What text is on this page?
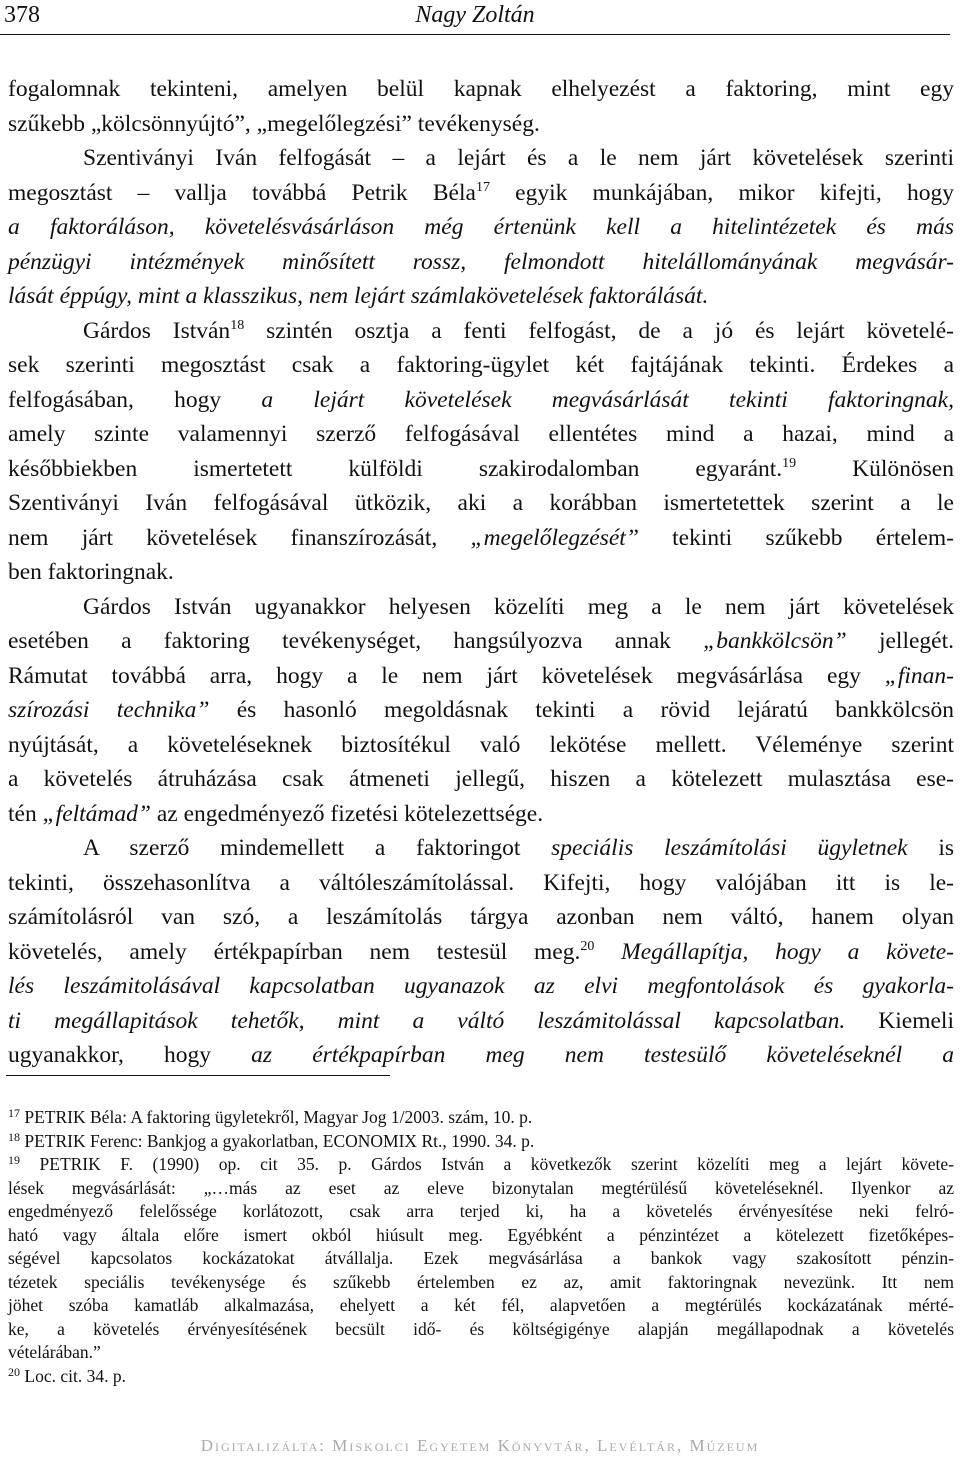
378	Nagy Zoltán
fogalomnak tekinteni, amelyen belül kapnak elhelyezést a faktoring, mint egy
szűkebb „kölcsönnyújtó”, „megelőlegzési” tevékenység.
Szentiványi Iván felfogását – a lejárt és a le nem járt követelések szerinti
megosztást – vallja továbbá Petrik Béla$^{17}$ egyik munkájában, mikor kifejti, hogy
a faktoráláson, követelésvásárláson még értenünk kell a hitelintézetek és más
pénzügyi intézmények minősített rossz, felmondott hitelállományának megvásár-
lását éppúgy, mint a klasszikus, nem lejárt számlakövetelések faktorálását.
Gárdos István$^{18}$ szintén osztja a fenti felfogást, de a jó és lejárt követelé-
sek szerinti megosztást csak a faktoring-ügylet két fajtájának tekinti. Érdekes a
felfogásában, hogy a lejárt követelések megvásárlását tekinti faktoringnak,
amely szinte valamennyi szerző felfogásával ellentétes mind a hazai, mind a
későbbiekben ismertetett külföldi szakirodalomban egyaránt.$^{19}$ Különösen
Szentiványi Iván felfogásával ütközik, aki a korábban ismertetettek szerint a le
nem járt követelések finanszírozását, „megelőlegzését” tekinti szűkebb értelem-
ben faktoringnak.
Gárdos István ugyanakkor helyesen közelíti meg a le nem járt követelések
esetében a faktoring tevékenységet, hangsúlyozva annak „bankkölcsön” jellegét.
Rámutat továbbá arra, hogy a le nem járt követelések megvásárlása egy „finan-
szírozási technika” és hasonló megoldásnak tekinti a rövid lejáratú bankkölcsön
nyújtását, a követeléseknek biztosítékul való lekötése mellett. Véleménye szerint
a követelés átruházása csak átmeneti jellegű, hiszen a kötelezett mulasztása ese-
tén „feltámad” az engedményező fizetési kötelezettsége.
A szerző mindemellett a faktoringot speciális leszámítolási ügyletnek is
tekinti, összehasonlítva a váltóleszámítolással. Kifejti, hogy valójában itt is le-
számítolásról van szó, a leszámítolás tárgya azonban nem váltó, hanem olyan
követelés, amely értékpapírban nem testesül meg.$^{20}$ Megállapítja, hogy a követe-
lés leszámitolásával kapcsolatban ugyanazok az elvi megfontolások és gyakorla-
ti megállapitások tehetők, mint a váltó leszámitolással kapcsolatban. Kiemeli
ugyanakkor, hogy az értékpapírban meg nem testesülő követeléseknél a
$^{17}$ PETRIK Béla: A faktoring ügyletekről, Magyar Jog 1/2003. szám, 10. p.
$^{18}$ PETRIK Ferenc: Bankjog a gyakorlatban, ECONOMIX Rt., 1990. 34. p.
$^{19}$ PETRIK F. (1990) op. cit 35. p. Gárdos István a következők szerint közelíti meg a lejárt követe-
lések megvásárlását: „…más az eset az eleve bizonytalan megtérülésű követeléseknél. Ilyenkor az
engedményező felelőssége korlátozott, csak arra terjed ki, ha a követelés érvényesítése neki felró-
ható vagy általa előre ismert okból hiúsult meg. Egyébként a pénzintézet a kötelezett fizetőképes-
ségével kapcsolatos kockázatokat átvállalja. Ezek megvásárlása a bankok vagy szakosított pénzin-
tézetek speciális tevékenysége és szűkebb értelemben ez az, amit faktoringnak nevezünk. Itt nem
jöhet szóba kamatláb alkalmazása, ehelyett a két fél, alapvetően a megtérülés kockázatának mérté-
ke, a követelés érvényesítésének becsült idő- és költségigénye alapján megállapodnak a követelés
vételárában.”
$^{20}$ Loc. cit. 34. p.
Digitalizálta: Miskolci Egyetem Könyvtár, Levéltár, Múzeum
